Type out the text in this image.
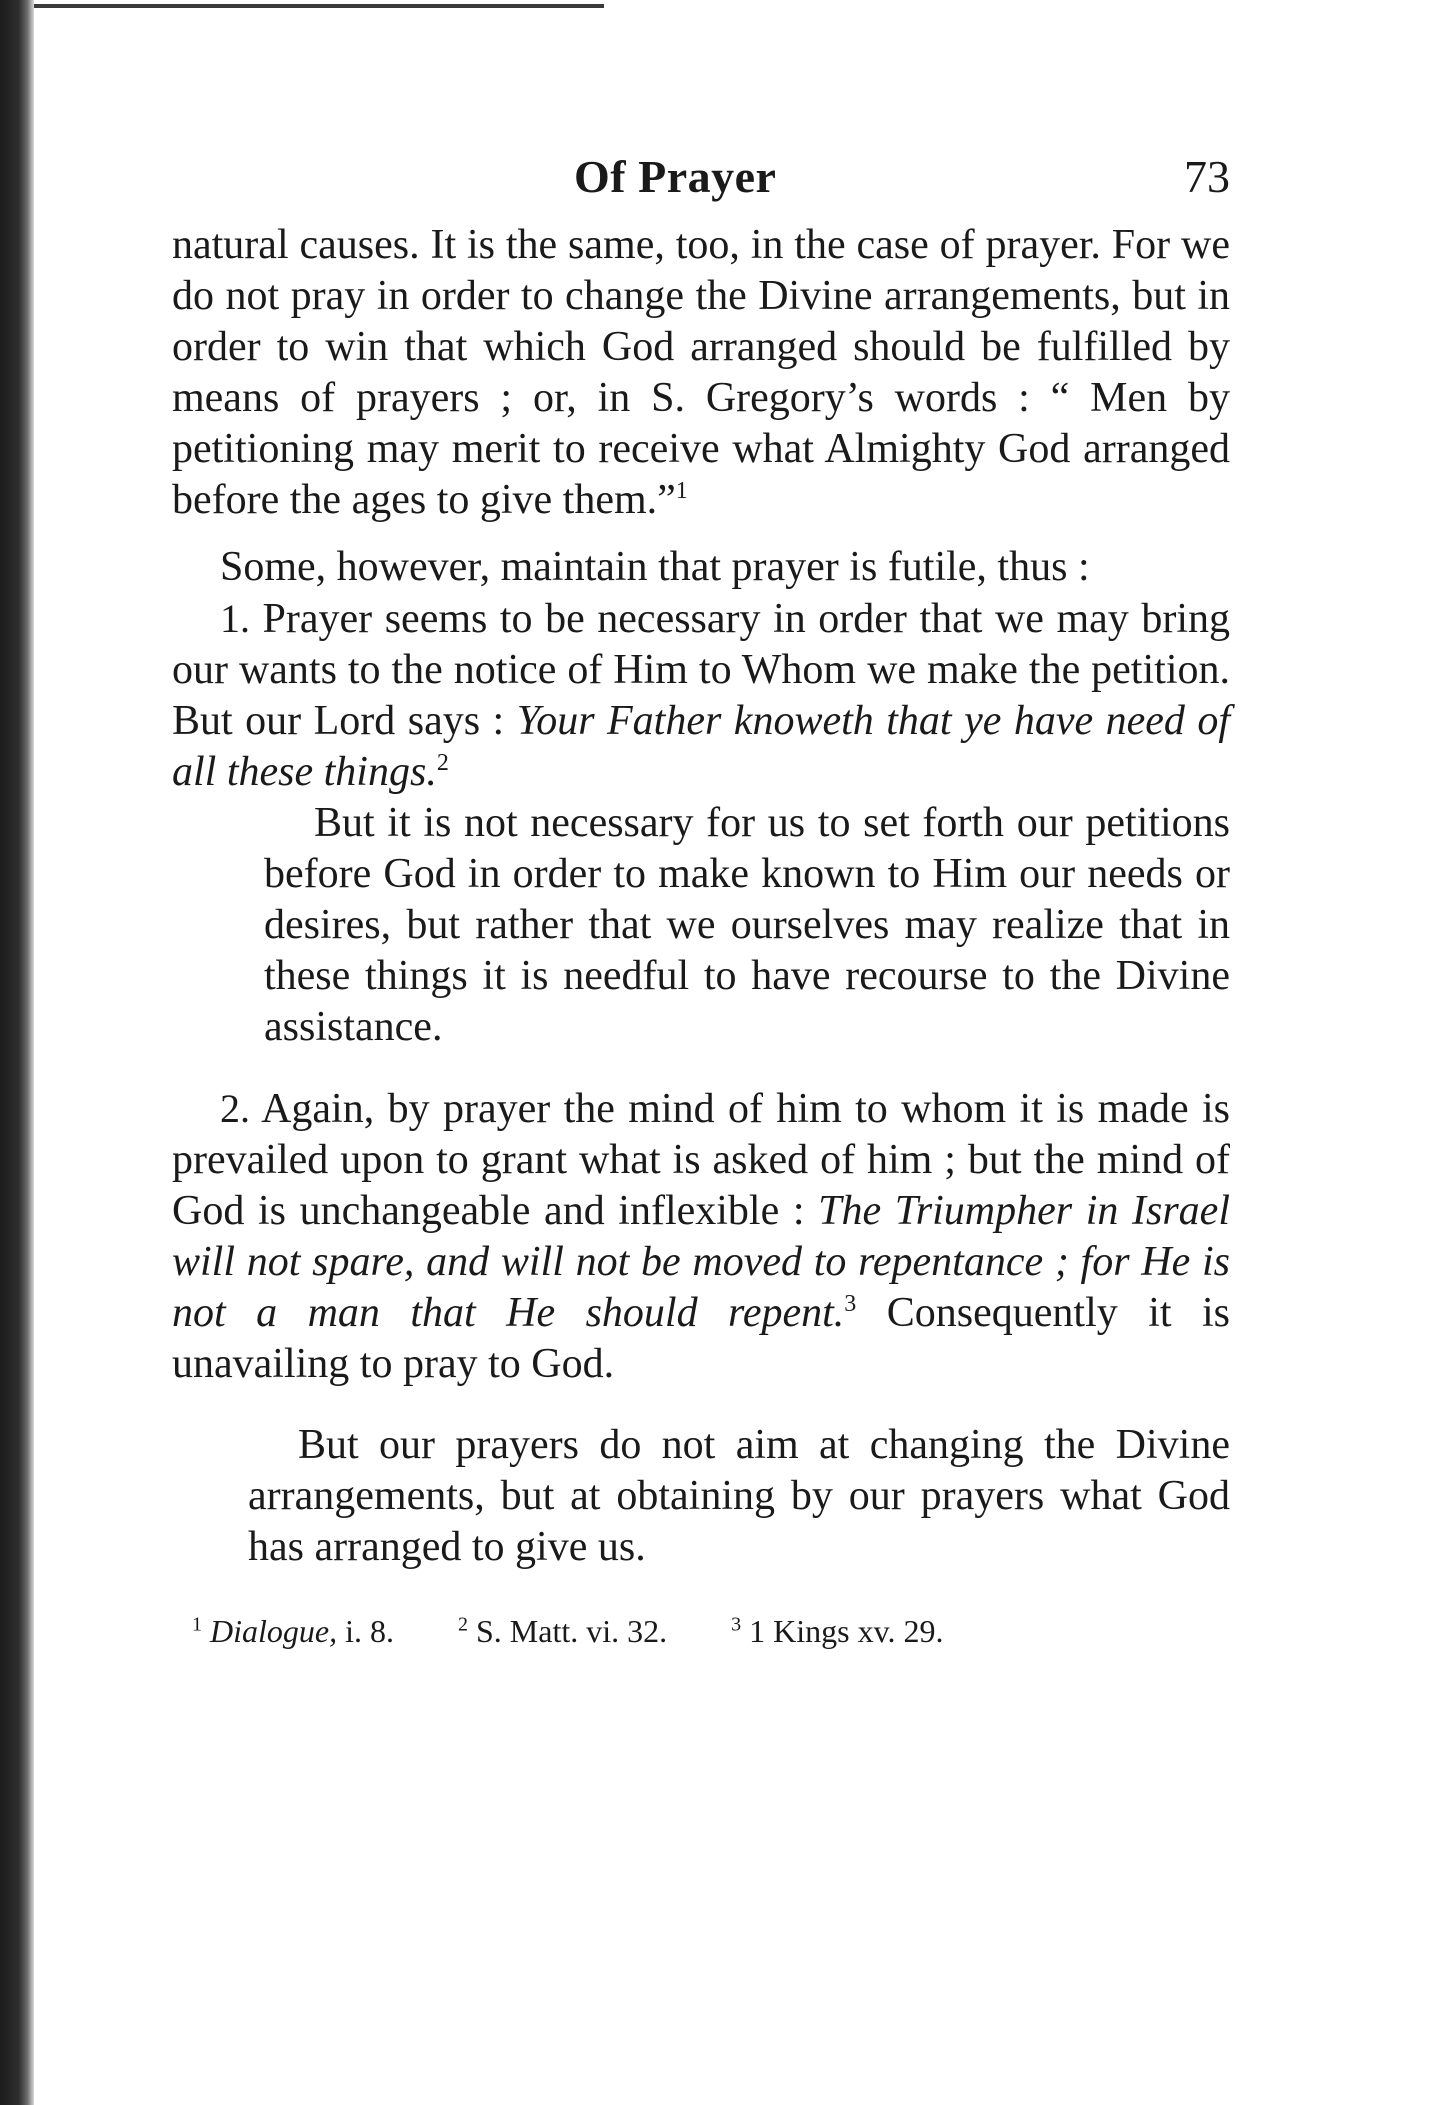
Of Prayer	73

natural causes. It is the same, too, in the case of prayer. For we do not pray in order to change the Divine arrangements, but in order to win that which God arranged should be fulfilled by means of prayers ; or, in S. Gregory’s words : “ Men by petitioning may merit to receive what Almighty God arranged before the ages to give them.”$^1$

Some, however, maintain that prayer is futile, thus :

1. Prayer seems to be necessary in order that we may bring our wants to the notice of Him to Whom we make the petition. But our Lord says : Your Father knoweth that ye have need of all these things.$^2$

But it is not necessary for us to set forth our petitions before God in order to make known to Him our needs or desires, but rather that we ourselves may realize that in these things it is needful to have recourse to the Divine assistance.

2. Again, by prayer the mind of him to whom it is made is prevailed upon to grant what is asked of him ; but the mind of God is unchangeable and inflexible : The Triumpher in Israel will not spare, and will not be moved to repentance ; for He is not a man that He should repent.$^3$ Consequently it is unavailing to pray to God.

But our prayers do not aim at changing the Divine arrangements, but at obtaining by our prayers what God has arranged to give us.

$^1$ Dialogue, i. 8.	$^2$ S. Matt. vi. 32.	$^3$ 1 Kings xv. 29.
